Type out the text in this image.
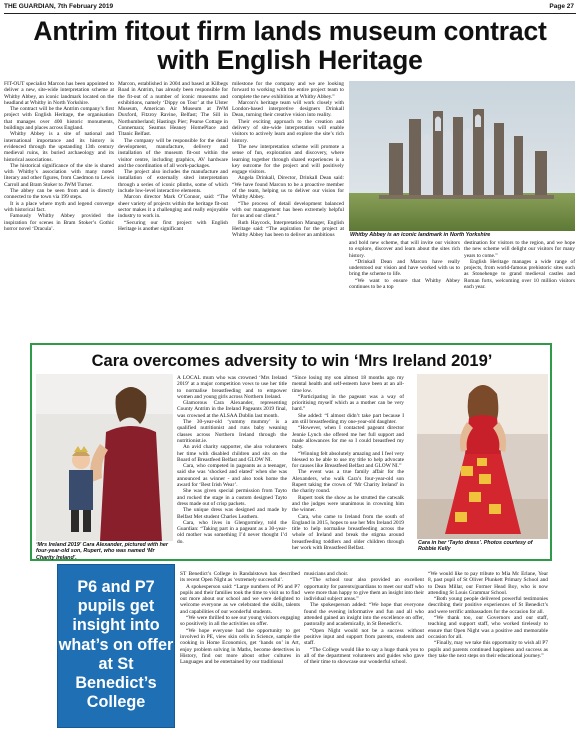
THE GUARDIAN, 7th February 2019	Page 27
Antrim fitout firm lands museum contract with English Heritage

FIT-OUT specialist Marcon has been appointed to deliver a new, site-wide interpretation scheme at Whitby Abbey, an iconic landmark located on the headland at Whitby in North Yorkshire.

The contract will be the Antrim company’s first project with English Heritage, the organisation that manages over 400 historic monuments, buildings and places across England.

Whitby Abbey is a site of national and international importance and its history is evidenced through the upstanding 13th century medieval ruins, its buried archaeology and its historical associations.

The historical significance of the site is shared with Whitby’s association with many noted literary and other figures, from Caedmon to Lewis Carroll and Bram Stoker to JWM Turner.

The abbey can be seen from and is directly connected to the town via 199 steps.

It is a place where myth and legend converge with historical fact.

Famously Whitby Abbey provided the inspiration for scenes in Bram Stoker’s Gothic horror novel ‘Dracula’.

Marcon, established in 2004 and based at Kilbegs Road in Antrim, has already been responsible for the fit-out of a number of iconic museums and exhibitions, namely ‘Dippy on Tour’ at the Ulster Museum, American Air Museum at IWM Duxford, Fitzroy Ravine, Belfast; The Sill in Northumberland; Hastings Pier; Pearse Cottage in Connemara; Seamus Heaney HomePlace and Titanic Belfast.

The company will be responsible for the detail development, manufacture, delivery and installation of the museum fit-out within the visitor centre, including graphics, AV hardware and the coordination of all work-packages.

The project also includes the manufacture and installation of externally sited interpretation through a series of iconic plinths, some of which include low-level interactive elements.

Marcon director Mark O’Connor, said: “The sheer variety of projects within the heritage fit-out sector makes it a challenging and really enjoyable industry to work in.

“Securing our first project with English Heritage is another significant

milestone for the company and we are looking forward to working with the entire project team to complete the new exhibition at Whitby Abbey.”

Marcon’s heritage team will work closely with London-based interpretive designers Drinkall Dean, turning their creative vision into reality.

Their exciting approach to the creation and delivery of site-wide interpretation will enable visitors to actively learn and explore the site’s rich history.

The new interpretation scheme will promote a sense of fun, exploration and discovery, where learning together through shared experiences is a key outcome for the project and will positively engage visitors.

Angela Drinkall, Director, Drinkall Dean said: “We have found Marcon to be a proactive member of the team, helping us to deliver our vision for Whitby Abbey.

“The process of detail development balanced with our management has been extremely helpful for us and our client.”

Ruth Haycock, Interpretation Manager, English Heritage said: “The aspiration for the project at Whitby Abbey has been to deliver an ambitious	Whitby Abbey is an iconic landmark in North Yorkshire

and bold new scheme, that will invite our visitors to explore, discover and learn about the sites rich history.

“Drinkall Dean and Marcon have really understood our vision and have worked with us to bring the scheme to life.

“We want to ensure that Whitby Abbey continues to be a top

destination for visitors to the region, and we hope the new scheme will delight our visitors for many years to come.”

English Heritage manages a wide range of projects, from world-famous prehistoric sites such as Stonehenge to grand medieval castles and Roman forts, welcoming over 10 million visitors each year.

Cara overcomes adversity to win ‘Mrs Ireland 2019’
‘Mrs Ireland 2019’ Cara Alexander, pictured with her four-year-old son, Rupert, who was named ‘Mr Charity Ireland’.

A LOCAL mum who was crowned ‘Mrs Ireland 2019’ at a major competition vows to use her title to normalise breastfeeding and to empower women and young girls across Northern Ireland.

Glamorous Cara Alexander, representing County Antrim in the Ireland Pageants 2019 final, was crowned at the ALSAA Dublin last month.

The 30-year-old ‘yummy mummy’ is a qualified nutritionist and runs baby weaning classes across Northern Ireland through the nutritionist.ie.

An avid charity supporter, she also volunteers her time with disabled children and sits on the Board of Breastfeed Belfast and GLOW NI.

Cara, who competed in pageants as a teenager, said she was ‘shocked and elated’ when she was announced as winner - and also took home the award for ‘Best Irish Wear’.

She was given special permission from Tayto and rocked the stage in a custom designed Tayto dress made out of crisp packets.

The unique dress was designed and made by Belfast Met student Charles Leathem.

Cara, who lives in Glengormley, told the Guardian: “Taking part in a pageant as a 30-year-old mother was something I’d never thought I’d do.

“Since losing my son almost 18 months ago my mental health and self-esteem have been at an all-time low.

“Participating in the pageant was a way of prioritising myself which as a mother can be very hard.”

She added: “I almost didn’t take part because I am still breastfeeding my one-year-old daughter.

“However, when I contacted pageant director Jennie Lynch she offered me her full support and made allowances for me so I could breastfeed my baby.

“Winning felt absolutely amazing and I feel very blessed to be able to use my title to help advocate for causes like Breastfeed Belfast and GLOW NI.”

The event was a true family affair for the Alexanders, who walk Cara’s four-year-old son Rupert taking the crown of ‘Mr Charity Ireland’ in the charity round.

Rupert took the show as he strutted the catwalk and the judges were unanimous in crowning him the winner.

Cara, who came to Ireland from the south of England in 2015, hopes to use her Mrs Ireland 2019 title to help normalise breastfeeding across the whole of Ireland and break the stigma around breastfeeding toddlers and older children through her work with Breastfeed Belfast.

Cara in her ‘Tayto dress’. Photos courtesy of Robbie Kelly
P6 and P7 pupils get insight into what’s on offer at St Benedict’s College

ST Benedict’s College in Randalstown has described its recent Open Night as ‘extremely successful’.

A spokesperson said: “Large numbers of P6 and P7 pupils and their families took the time to visit us to find out more about our school and we were delighted to welcome everyone as we celebrated the skills, talents and capabilities of our wonderful students.

“We were thrilled to see our young visitors engaging so positively in all the activities on offer.

“We hope everyone had the opportunity to get involved in PE, view skin cells in Science, sample the cooking in Home Economics, get ‘hands on’ in Art, enjoy problem solving in Maths, become detectives in History, find out more about other cultures in Languages and be entertained by our traditional

musicians and choir.

“The school tour also provided an excellent opportunity for parents/guardians to meet our staff who were more than happy to give them an insight into their individual subject areas.”

The spokesperson added: “We hope that everyone found the evening informative and fun and all who attended gained an insight into the excellence on offer, pastorally and academically, in St Benedict’s.

“Open Night would not be a success without positive input and support from parents, students and staff.

“The College would like to say a huge thank you to all of the department volunteers and guides who gave of their time to showcase our wonderful school.

“We would like to pay tribute to Mia Mc Erlane, Year 8, past pupil of St Oliver Plunkett Primary School and to Dean Millar, our Former Head Boy, who is now attending St Louis Grammar School.

“Both young people delivered powerful testimonies describing their positive experiences of St Benedict’s and were terrific ambassadors for the occasion for all.

“We thank too, our Governors and our staff, teaching and support staff, who worked tirelessly to ensure that Open Night was a positive and memorable occasion for all.

“Finally, may we take this opportunity to wish all P7 pupils and parents continued happiness and success as they take the next steps on their educational journey.”
